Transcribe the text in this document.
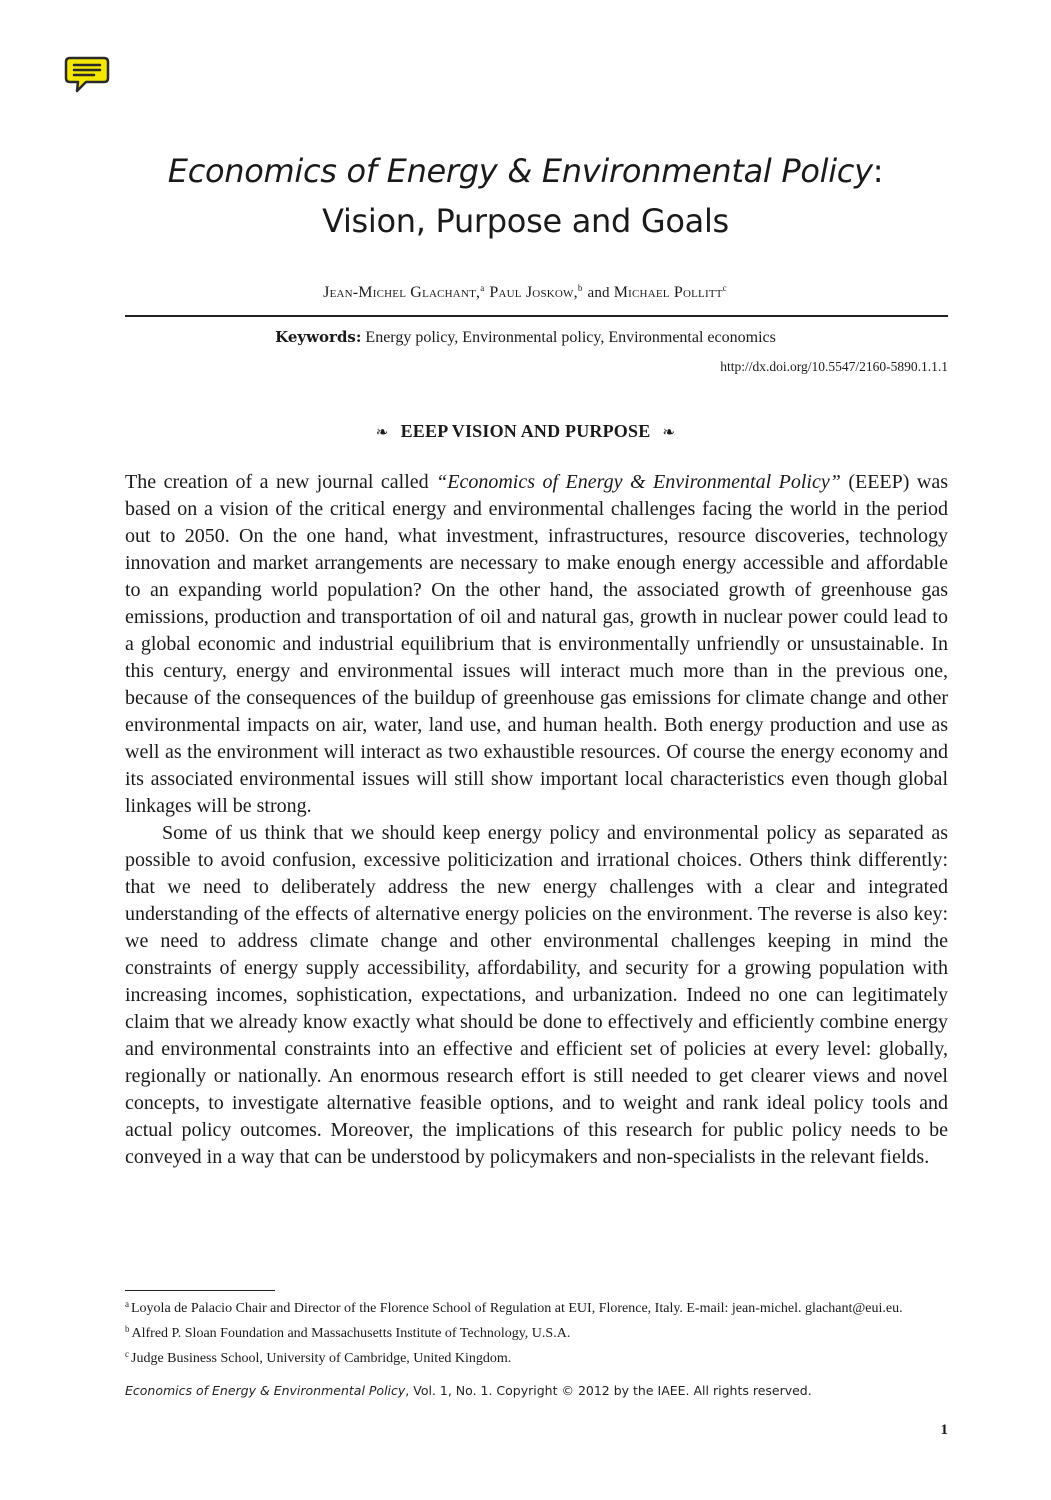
Economics of Energy & Environmental Policy:
Vision, Purpose and Goals
Jean-Michel Glachant,$^a$ Paul Joskow,$^b$ and Michael Pollitt$^c$
Keywords: Energy policy, Environmental policy, Environmental economics
http://dx.doi.org/10.5547/2160-5890.1.1.1
❧ EEEP VISION AND PURPOSE ❧

The creation of a new journal called “Economics of Energy & Environmental Policy” (EEEP) was based on a vision of the critical energy and environmental challenges facing the world in the period out to 2050. On the one hand, what investment, infrastructures, resource discoveries, technology innovation and market arrangements are necessary to make enough energy accessible and affordable to an expanding world population? On the other hand, the associated growth of greenhouse gas emissions, production and transportation of oil and natural gas, growth in nuclear power could lead to a global economic and industrial equilibrium that is environmentally unfriendly or unsustainable. In this century, energy and environmental issues will interact much more than in the previous one, because of the consequences of the buildup of greenhouse gas emissions for climate change and other environmental impacts on air, water, land use, and human health. Both energy production and use as well as the environment will interact as two exhaustible resources. Of course the energy economy and its associated environmental issues will still show important local characteristics even though global linkages will be strong.

Some of us think that we should keep energy policy and environmental policy as separated as possible to avoid confusion, excessive politicization and irrational choices. Others think differently: that we need to deliberately address the new energy challenges with a clear and integrated understanding of the effects of alternative energy policies on the environment. The reverse is also key: we need to address climate change and other environmental challenges keeping in mind the constraints of energy supply accessibility, affordability, and security for a growing population with increasing incomes, sophistication, expectations, and urbanization. Indeed no one can legitimately claim that we already know exactly what should be done to effectively and efficiently combine energy and environmental constraints into an effective and efficient set of policies at every level: globally, regionally or nationally. An enormous research effort is still needed to get clearer views and novel concepts, to investigate alternative feasible options, and to weight and rank ideal policy tools and actual policy outcomes. Moreover, the implications of this research for public policy needs to be conveyed in a way that can be understood by policymakers and non-specialists in the relevant fields.

$^a$ Loyola de Palacio Chair and Director of the Florence School of Regulation at EUI, Florence, Italy. E-mail: jean-michel. glachant@eui.eu.

$^b$ Alfred P. Sloan Foundation and Massachusetts Institute of Technology, U.S.A.

$^c$ Judge Business School, University of Cambridge, United Kingdom.

Economics of Energy & Environmental Policy, Vol. 1, No. 1. Copyright © 2012 by the IAEE. All rights reserved.
1
